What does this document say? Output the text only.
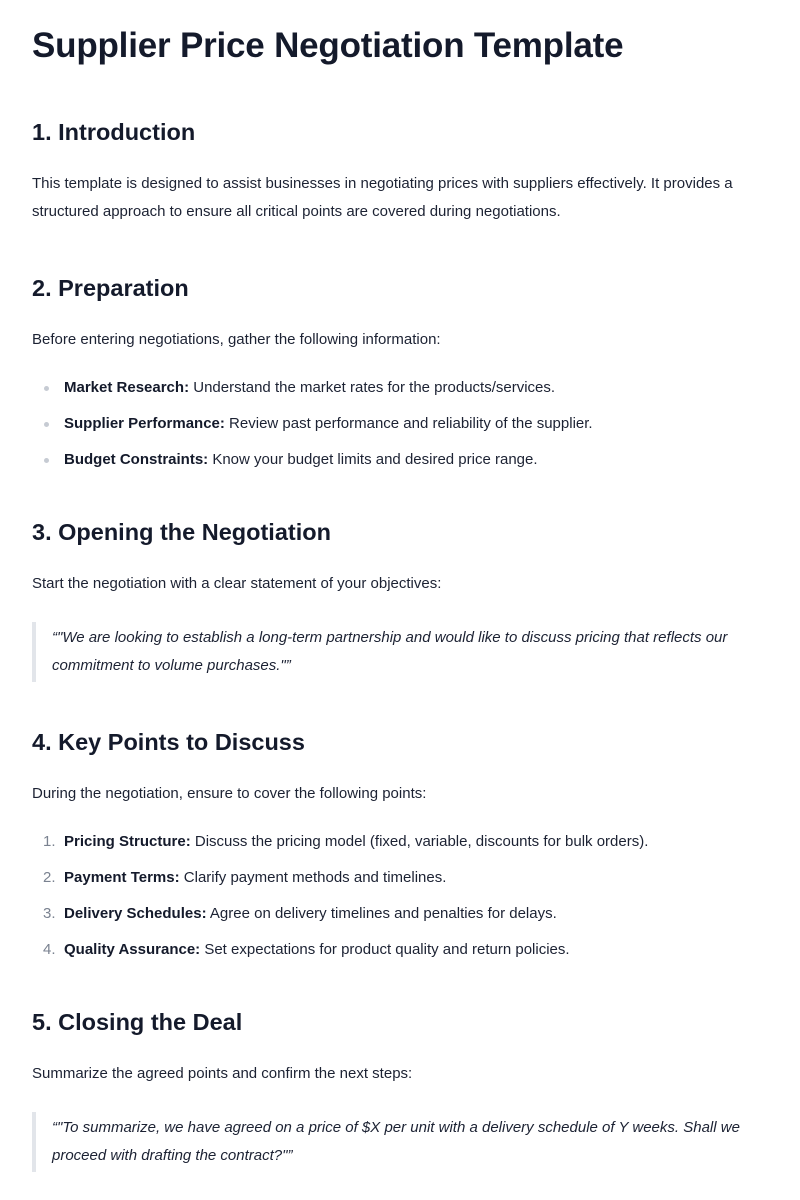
Supplier Price Negotiation Template
1. Introduction

This template is designed to assist businesses in negotiating prices with suppliers effectively. It provides a structured approach to ensure all critical points are covered during negotiations.

2. Preparation

Before entering negotiations, gather the following information:

Market Research: Understand the market rates for the products/services.
Supplier Performance: Review past performance and reliability of the supplier.
Budget Constraints: Know your budget limits and desired price range.
3. Opening the Negotiation

Start the negotiation with a clear statement of your objectives:

“"We are looking to establish a long-term partnership and would like to discuss pricing that reflects our commitment to volume purchases."”
4. Key Points to Discuss

During the negotiation, ensure to cover the following points:

1. Pricing Structure: Discuss the pricing model (fixed, variable, discounts for bulk orders).
2. Payment Terms: Clarify payment methods and timelines.
3. Delivery Schedules: Agree on delivery timelines and penalties for delays.
4. Quality Assurance: Set expectations for product quality and return policies.
5. Closing the Deal

Summarize the agreed points and confirm the next steps:

“"To summarize, we have agreed on a price of $X per unit with a delivery schedule of Y weeks. Shall we proceed with drafting the contract?"”
